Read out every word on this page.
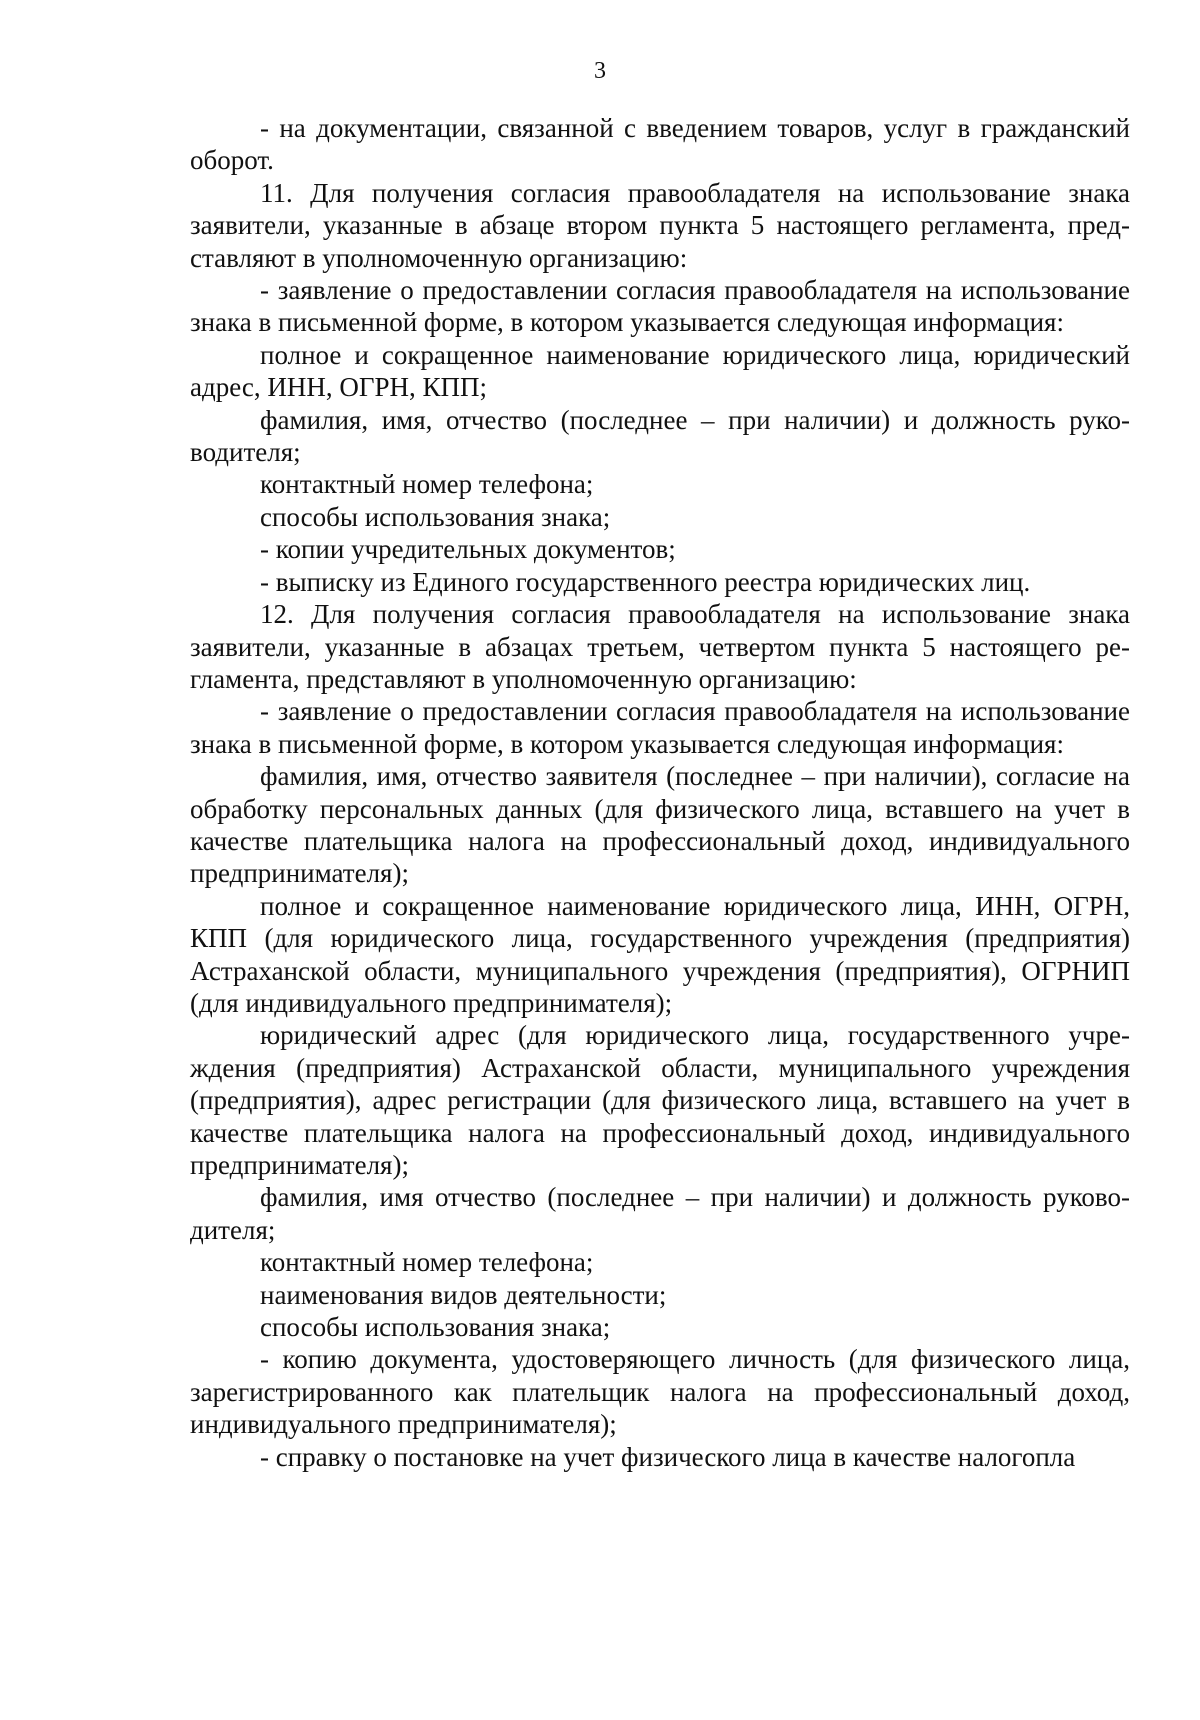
3

- на документации, связанной с введением товаров, услуг в гражданский оборот.

11. Для получения согласия правообладателя на использование знака заявители, указанные в абзаце втором пункта 5 настоящего регламента, представляют в уполномоченную организацию:

- заявление о предоставлении согласия правообладателя на использование знака в письменной форме, в котором указывается следующая информация:

полное и сокращенное наименование юридического лица, юридический адрес, ИНН, ОГРН, КПП;

фамилия, имя, отчество (последнее – при наличии) и должность руководителя;

контактный номер телефона;

способы использования знака;

- копии учредительных документов;

- выписку из Единого государственного реестра юридических лиц.

12. Для получения согласия правообладателя на использование знака заявители, указанные в абзацах третьем, четвертом пункта 5 настоящего регламента, представляют в уполномоченную организацию:

- заявление о предоставлении согласия правообладателя на использование знака в письменной форме, в котором указывается следующая информация:

фамилия, имя, отчество заявителя (последнее – при наличии), согласие на обработку персональных данных (для физического лица, вставшего на учет в качестве плательщика налога на профессиональный доход, индивидуального предпринимателя);

полное и сокращенное наименование юридического лица, ИНН, ОГРН, КПП (для юридического лица, государственного учреждения (предприятия) Астраханской области, муниципального учреждения (предприятия), ОГРНИП (для индивидуального предпринимателя);

юридический адрес (для юридического лица, государственного учреждения (предприятия) Астраханской области, муниципального учреждения (предприятия), адрес регистрации (для физического лица, вставшего на учет в качестве плательщика налога на профессиональный доход, индивидуального предпринимателя);

фамилия, имя отчество (последнее – при наличии) и должность руководителя;

контактный номер телефона;

наименования видов деятельности;

способы использования знака;

- копию документа, удостоверяющего личность (для физического лица, зарегистрированного как плательщик налога на профессиональный доход, индивидуального предпринимателя);

- справку о постановке на учет физического лица в качестве налогопла
